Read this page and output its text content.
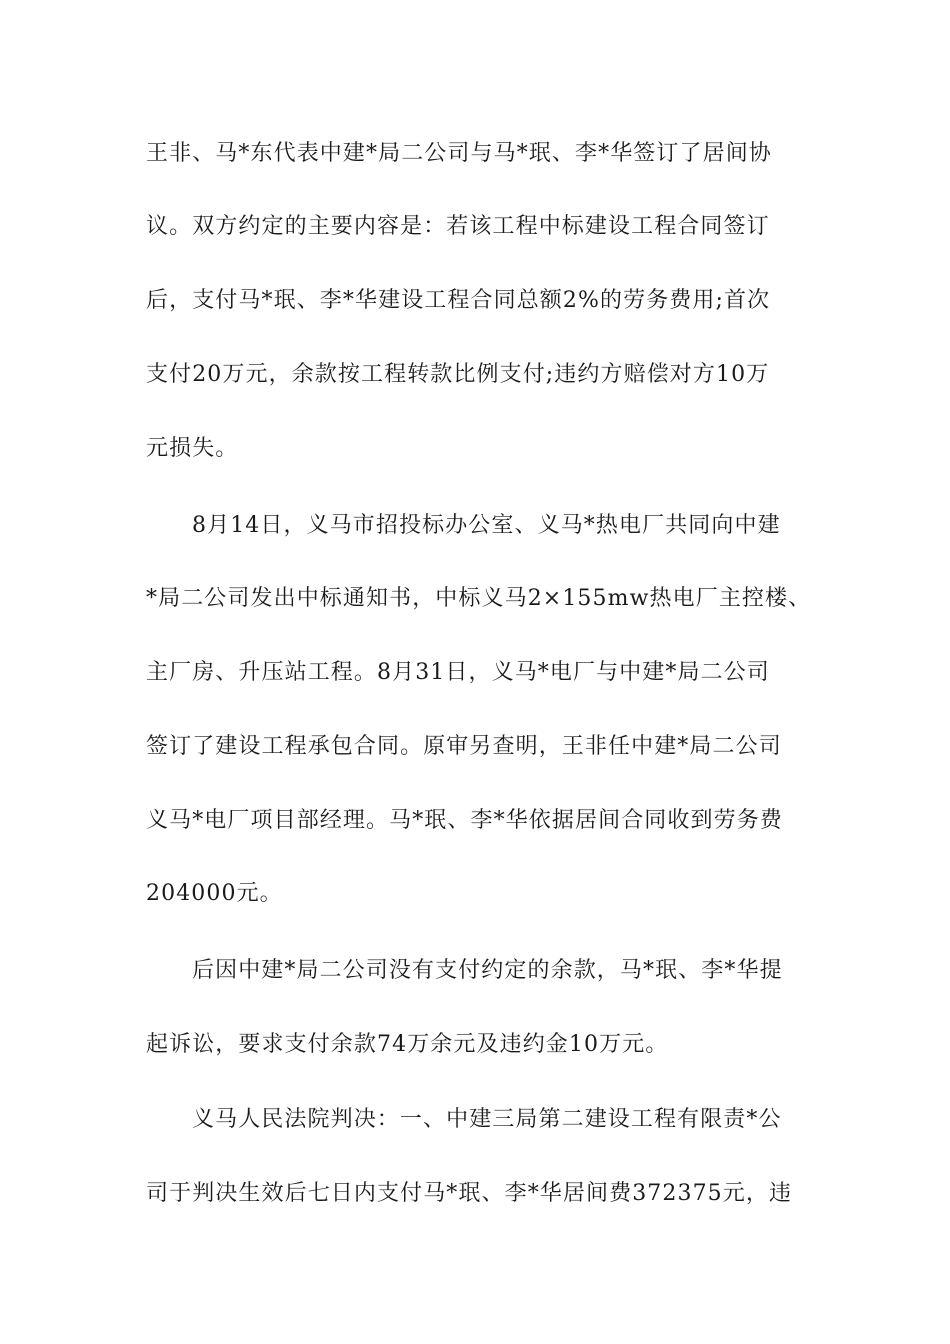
王非、马*东代表中建*局二公司与马*珉、李*华签订了居间协
议。双方约定的主要内容是：若该工程中标建设工程合同签订
后，支付马*珉、李*华建设工程合同总额2%的劳务费用;首次
支付20万元，余款按工程转款比例支付;违约方赔偿对方10万
元损失。
8月14日，义马市招投标办公室、义马*热电厂共同向中建
*局二公司发出中标通知书，中标义马2×155mw热电厂主控楼、
主厂房、升压站工程。8月31日，义马*电厂与中建*局二公司
签订了建设工程承包合同。原审另查明，王非任中建*局二公司
义马*电厂项目部经理。马*珉、李*华依据居间合同收到劳务费
204000元。
后因中建*局二公司没有支付约定的余款，马*珉、李*华提
起诉讼，要求支付余款74万余元及违约金10万元。
义马人民法院判决：一、中建三局第二建设工程有限责*公
司于判决生效后七日内支付马*珉、李*华居间费372375元，违
